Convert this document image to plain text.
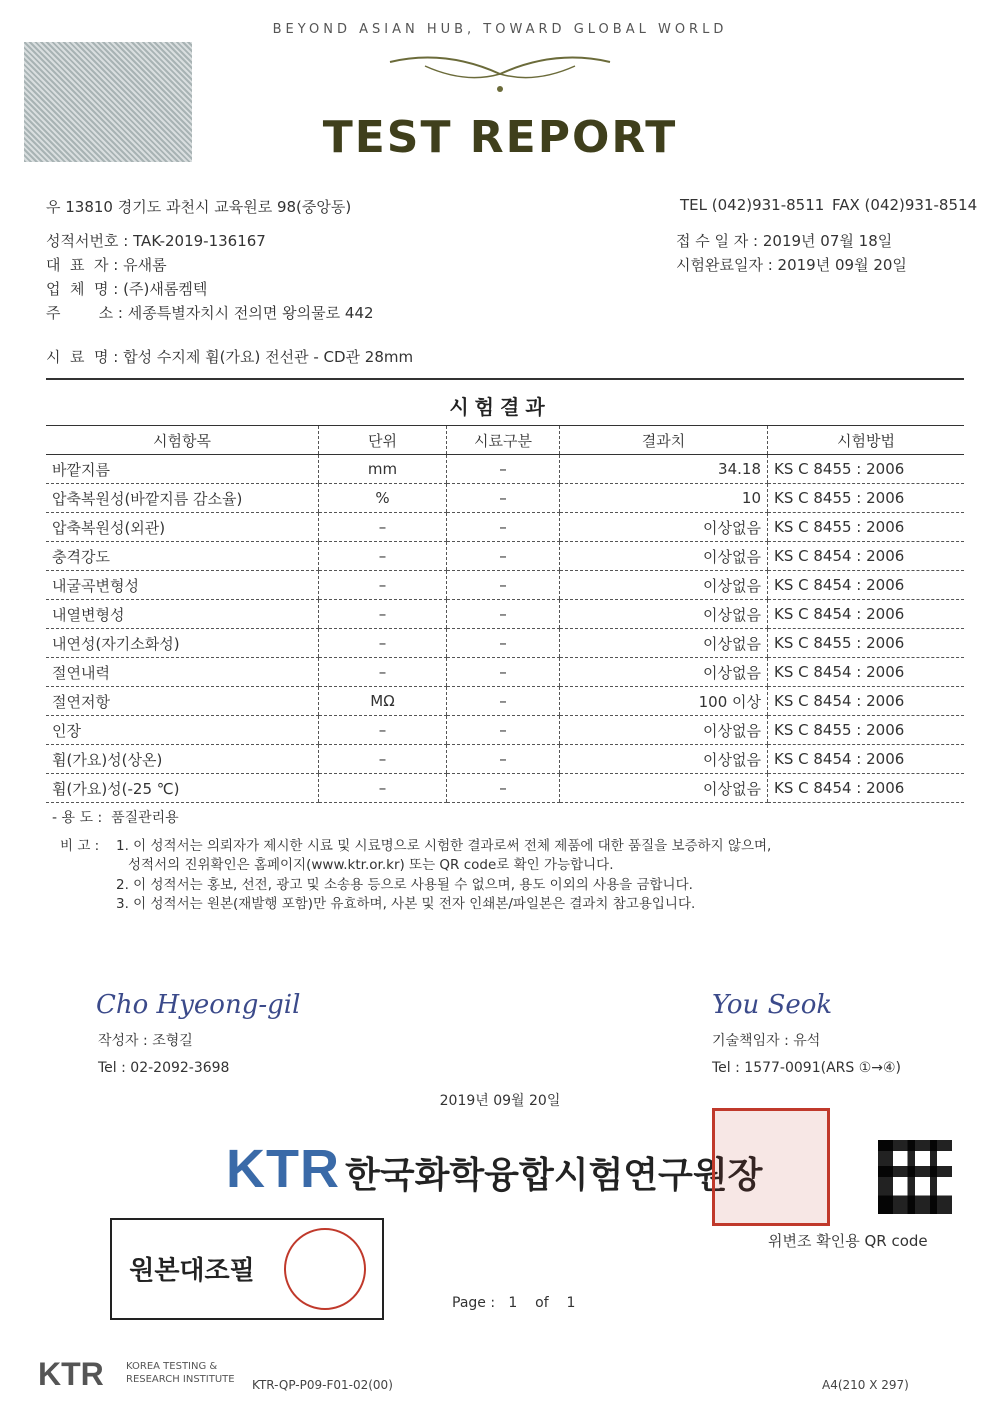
BEYOND ASIAN HUB, TOWARD GLOBAL WORLD
TEST REPORT
우 13810 경기도 과천시 교육원로 98(중앙동)	TEL (042)931-8511 FAX (042)931-8514
성적서번호 : TAK-2019-136167
대  표  자 : 유새롬
업  체  명 : (주)새롬켐텍
주        소 : 세종특별자치시 전의면 왕의물로 442
접 수 일 자 : 2019년 07월 18일
시험완료일자 : 2019년 09월 20일
시  료  명 : 합성 수지제 휨(가요) 전선관 - CD관 28mm
시험결과
시험항목	단위	시료구분	결과치	시험방법
바깥지름	mm	–	34.18	KS C 8455 : 2006
압축복원성(바깥지름 감소율)	%	–	10	KS C 8455 : 2006
압축복원성(외관)	–	–	이상없음	KS C 8455 : 2006
충격강도	–	–	이상없음	KS C 8454 : 2006
내굴곡변형성	–	–	이상없음	KS C 8454 : 2006
내열변형성	–	–	이상없음	KS C 8454 : 2006
내연성(자기소화성)	–	–	이상없음	KS C 8455 : 2006
절연내력	–	–	이상없음	KS C 8454 : 2006
절연저항	MΩ	–	100 이상	KS C 8454 : 2006
인장	–	–	이상없음	KS C 8455 : 2006
휨(가요)성(상온)	–	–	이상없음	KS C 8454 : 2006
휨(가요)성(-25 ℃)	–	–	이상없음	KS C 8454 : 2006
- 용 도 : 품질관리용
비 고 : 1. 이 성적서는 의뢰자가 제시한 시료 및 시료명으로 시험한 결과로써 전체 제품에 대한 품질을 보증하지 않으며,
성적서의 진위확인은 홈페이지(www.ktr.or.kr) 또는 QR code로 확인 가능합니다.
2. 이 성적서는 홍보, 선전, 광고 및 소송용 등으로 사용될 수 없으며, 용도 이외의 사용을 금합니다.
3. 이 성적서는 원본(재발행 포함)만 유효하며, 사본 및 전자 인쇄본/파일본은 결과치 참고용입니다.
Cho Hyeong-gil
작성자 : 조형길
Tel : 02-2092-3698
You Seok
기술책임자 : 유석
Tel : 1577-0091(ARS ①→④)
2019년 09월 20일
KTR 한국화학융합시험연구원장
위변조 확인용 QR code
원본대조필
Page : 1 of 1
KTR KOREA TESTING &
RESEARCH INSTITUTE KTR-QP-P09-F01-02(00)	A4(210 X 297)
